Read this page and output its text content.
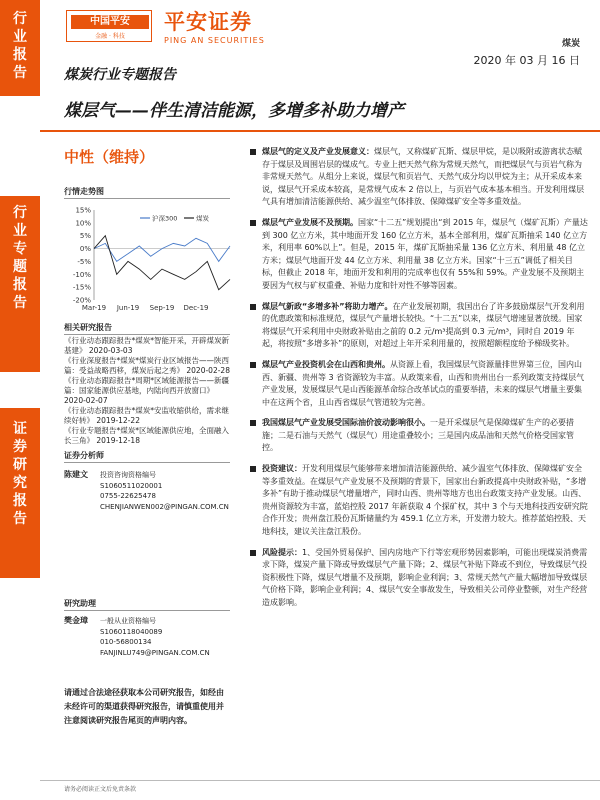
行
业
报
告
行
业
专
题
报
告
证
券
研
究
报
告
中国平安
金融 · 科技
平安证券
PING AN SECURITIES	煤炭
2020 年 03 月 16 日
煤炭行业专题报告
煤层气——伴生清洁能源，多增多补助力增产
中性（维持）
行情走势图
15%
10%
5%
0%
-5%
-10%
-15%
-20%
Mar-19 Jun-19 Sep-19 Dec-19
沪深300	煤炭
相关研究报告

《行业动态跟踪报告*煤炭*智能开采，开辟煤炭新基建》 2020-03-03

《行业深度报告*煤炭*煤炭行业区域报告——陕西篇：受益战略西移，煤炭后起之秀》 2020-02-28

《行业动态跟踪报告*周期*区域能源报告——新疆篇：国家能源供应基地，内陆向西开放窗口》 2020-02-07

《行业动态跟踪报告*煤炭*安监收缩供给，需求继续好转》 2019-12-22

《行业专题报告*煤炭*区域能源供应地，全面融入长三角》 2019-12-18

证券分析师
陈建文 投资咨询资格编号
S1060511020001
0755-22625478
CHENJIANWEN002@PINGAN.COM.CN
研究助理
樊金璋 一般从业资格编号
S1060118040089
010-56800134
FANJINLU749@PINGAN.COM.CN
请通过合法途径获取本公司研究报告，如经由未经许可的渠道获得研究报告，请慎重使用并注意阅读研究报告尾页的声明内容。
煤层气的定义及产业发展意义：煤层气，又称煤矿瓦斯、煤层甲烷，是以吸附或游离状态赋存于煤层及周围岩层的煤成气。专业上把天然气称为常规天然气，而把煤层气与页岩气称为非常规天然气。从组分上来说，煤层气和页岩气、天然气成分均以甲烷为主；从开采成本来说，煤层气开采成本较高，是常规气成本 2 倍以上，与页岩气成本基本相当。开发利用煤层气具有增加清洁能源供给、减少温室气体排放、保障煤矿安全等多重效益。
煤层气产业发展不及预期。国家“十二五”规划提出“到 2015 年，煤层气（煤矿瓦斯）产量达到 300 亿立方米，其中地面开发 160 亿立方米，基本全部利用，煤矿瓦斯抽采 140 亿立方米，利用率 60%以上”。但是，2015 年，煤矿瓦斯抽采量 136 亿立方米、利用量 48 亿立方米；煤层气地面开发 44 亿立方米、利用量 38 亿立方米。国家“十三五”调低了相关目标，但截止 2018 年，地面开发和利用的完成率也仅有 55%和 59%。产业发展不及预期主要因为气权与矿权重叠、补贴力度和针对性不够等因素。
煤层气新政“多增多补”将助力增产。在产业发展初期，我国出台了许多鼓励煤层气开发利用的优惠政策和标准规范，煤层气产量增长较快。“十二五”以来，煤层气增速显著放缓。国家将煤层气开采利用中央财政补贴由之前的 0.2 元/m³提高到 0.3 元/m³，同时自 2019 年起，将按照“多增多补”的原则，对超过上年开采利用量的，按照超额程度给予梯级奖补。
煤层气产业投资机会在山西和贵州。从资源上看，我国煤层气资源量排世界第三位，国内山西、新疆、贵州等 3 省资源较为丰富。从政策来看，山西和贵州出台一系列政策支持煤层气产业发展，发展煤层气是山西能源革命综合改革试点的重要举措，未来的煤层气增量主要集中在这两个省，且山西省煤层气管道较为完善。
我国煤层气产业发展受国际油价波动影响很小。一是开采煤层气是保障煤矿生产的必要措施；二是石油与天然气（煤层气）用途重叠较小；三是国内成品油和天然气价格受国家管控。
投资建议：开发利用煤层气能够带来增加清洁能源供给、减少温室气体排放、保障煤矿安全等多重效益。在煤层气产业发展不及预期的背景下，国家出台新政提高中央财政补贴，“多增多补”有助于推动煤层气增量增产，同时山西、贵州等地方也出台政策支持产业发展。山西、贵州资源较为丰富，蓝焰控股 2017 年新获取 4 个探矿权，其中 3 个与天地科技西安研究院合作开发；贵州盘江股份瓦斯储量约为 459.1 亿立方米，开发潜力较大。推荐蓝焰控股、天地科技，建议关注盘江股份。
风险提示：1、受国外贸易保护、国内房地产下行等宏观形势因素影响，可能出现煤炭消费需求下降，煤炭产量下降或导致煤层气产量下降；2、煤层气补贴下降或不到位，导致煤层气投资积极性下降，煤层气增量不及预期，影响企业利润；3、常规天然气产量大幅增加导致煤层气价格下降，影响企业利润；4、煤层气安全事故发生，导致相关公司停业整顿，对生产经营造成影响。
请务必阅读正文后免责条款
